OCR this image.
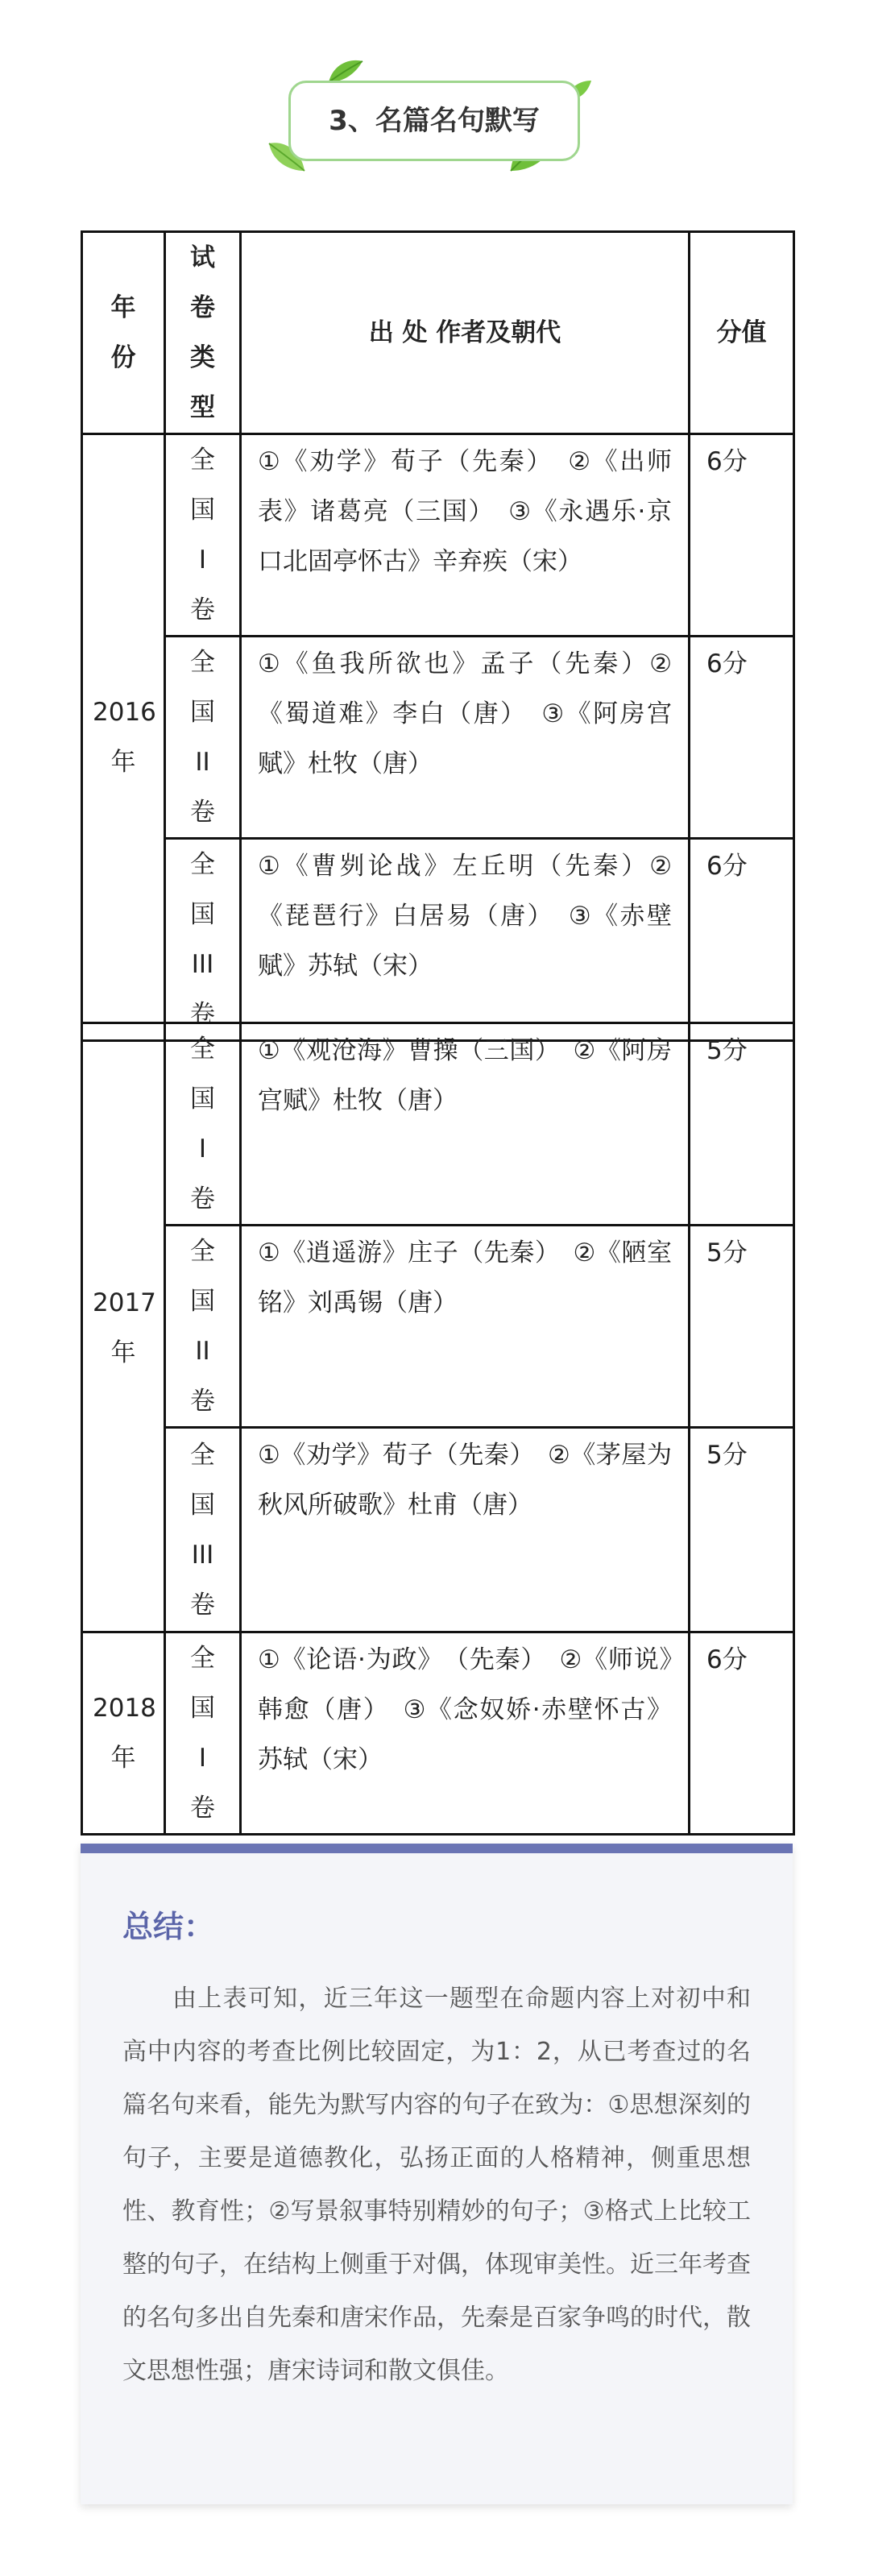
3、名篇名句默写
年份	试卷类型	出 处 作者及朝代	分值
2016年	全国I卷	①《劝学》荀子（先秦）　②《出师表》诸葛亮（三国）　③《永遇乐·京口北固亭怀古》辛弃疾（宋）	6分

	全国II卷	①《鱼我所欲也》孟子（先秦）②《蜀道难》李白（唐）　③《阿房宫赋》杜牧（唐）	6分

	全国III卷	①《曹刿论战》左丘明（先秦）②《琵琶行》白居易（唐）　③《赤壁赋》苏轼（宋）	6分
2017年	全国I卷	①《观沧海》曹操（三国）　②《阿房宫赋》杜牧（唐）	5分

	全国II卷	①《逍遥游》庄子（先秦）　②《陋室铭》刘禹锡（唐）	5分

	全国III卷	①《劝学》荀子（先秦）　②《茅屋为秋风所破歌》杜甫（唐）	5分
2018年	全国I卷	①《论语·为政》　（先秦）　②《师说》韩愈（唐）　③《念奴娇·赤壁怀古》苏轼（宋）	6分
总结：
由上表可知，近三年这一题型在命题内容上对初中和高中内容的考查比例比较固定，为1：2，从已考查过的名篇名句来看，能先为默写内容的句子在致为：①思想深刻的句子，主要是道德教化，弘扬正面的人格精神，侧重思想性、教育性；②写景叙事特别精妙的句子；③格式上比较工整的句子，在结构上侧重于对偶，体现审美性。近三年考查的名句多出自先秦和唐宋作品，先秦是百家争鸣的时代，散文思想性强；唐宋诗词和散文俱佳。
